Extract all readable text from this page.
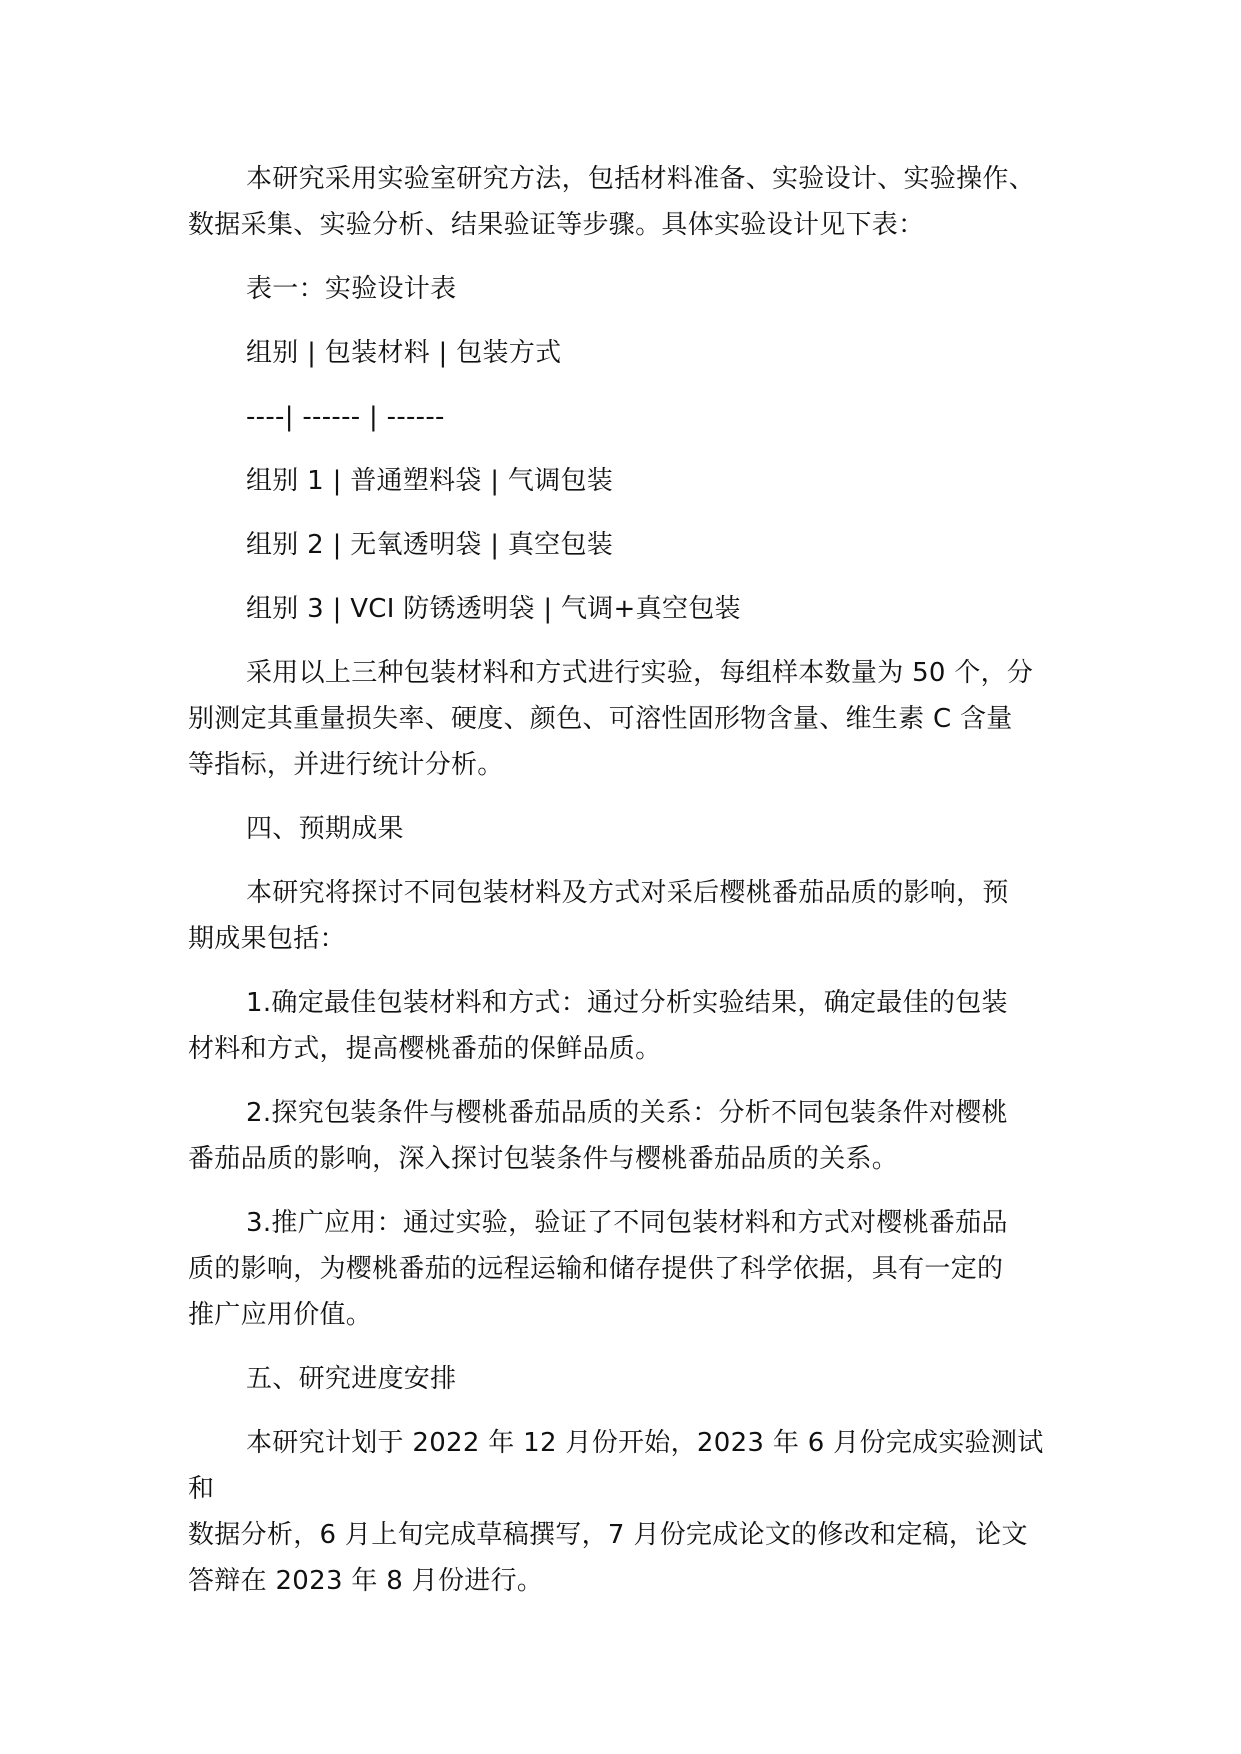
本研究采用实验室研究方法，包括材料准备、实验设计、实验操作、
数据采集、实验分析、结果验证等步骤。具体实验设计见下表：

表一：实验设计表

组别 | 包装材料 | 包装方式

----| ------ | ------

组别 1 | 普通塑料袋 | 气调包装

组别 2 | 无氧透明袋 | 真空包装

组别 3 | VCI 防锈透明袋 | 气调+真空包装

采用以上三种包装材料和方式进行实验，每组样本数量为 50 个，分
别测定其重量损失率、硬度、颜色、可溶性固形物含量、维生素 C 含量
等指标，并进行统计分析。

四、预期成果

本研究将探讨不同包装材料及方式对采后樱桃番茄品质的影响，预
期成果包括：

1.确定最佳包装材料和方式：通过分析实验结果，确定最佳的包装
材料和方式，提高樱桃番茄的保鲜品质。

2.探究包装条件与樱桃番茄品质的关系：分析不同包装条件对樱桃
番茄品质的影响，深入探讨包装条件与樱桃番茄品质的关系。

3.推广应用：通过实验，验证了不同包装材料和方式对樱桃番茄品
质的影响，为樱桃番茄的远程运输和储存提供了科学依据，具有一定的
推广应用价值。

五、研究进度安排

本研究计划于 2022 年 12 月份开始，2023 年 6 月份完成实验测试和
数据分析，6 月上旬完成草稿撰写，7 月份完成论文的修改和定稿，论文
答辩在 2023 年 8 月份进行。
